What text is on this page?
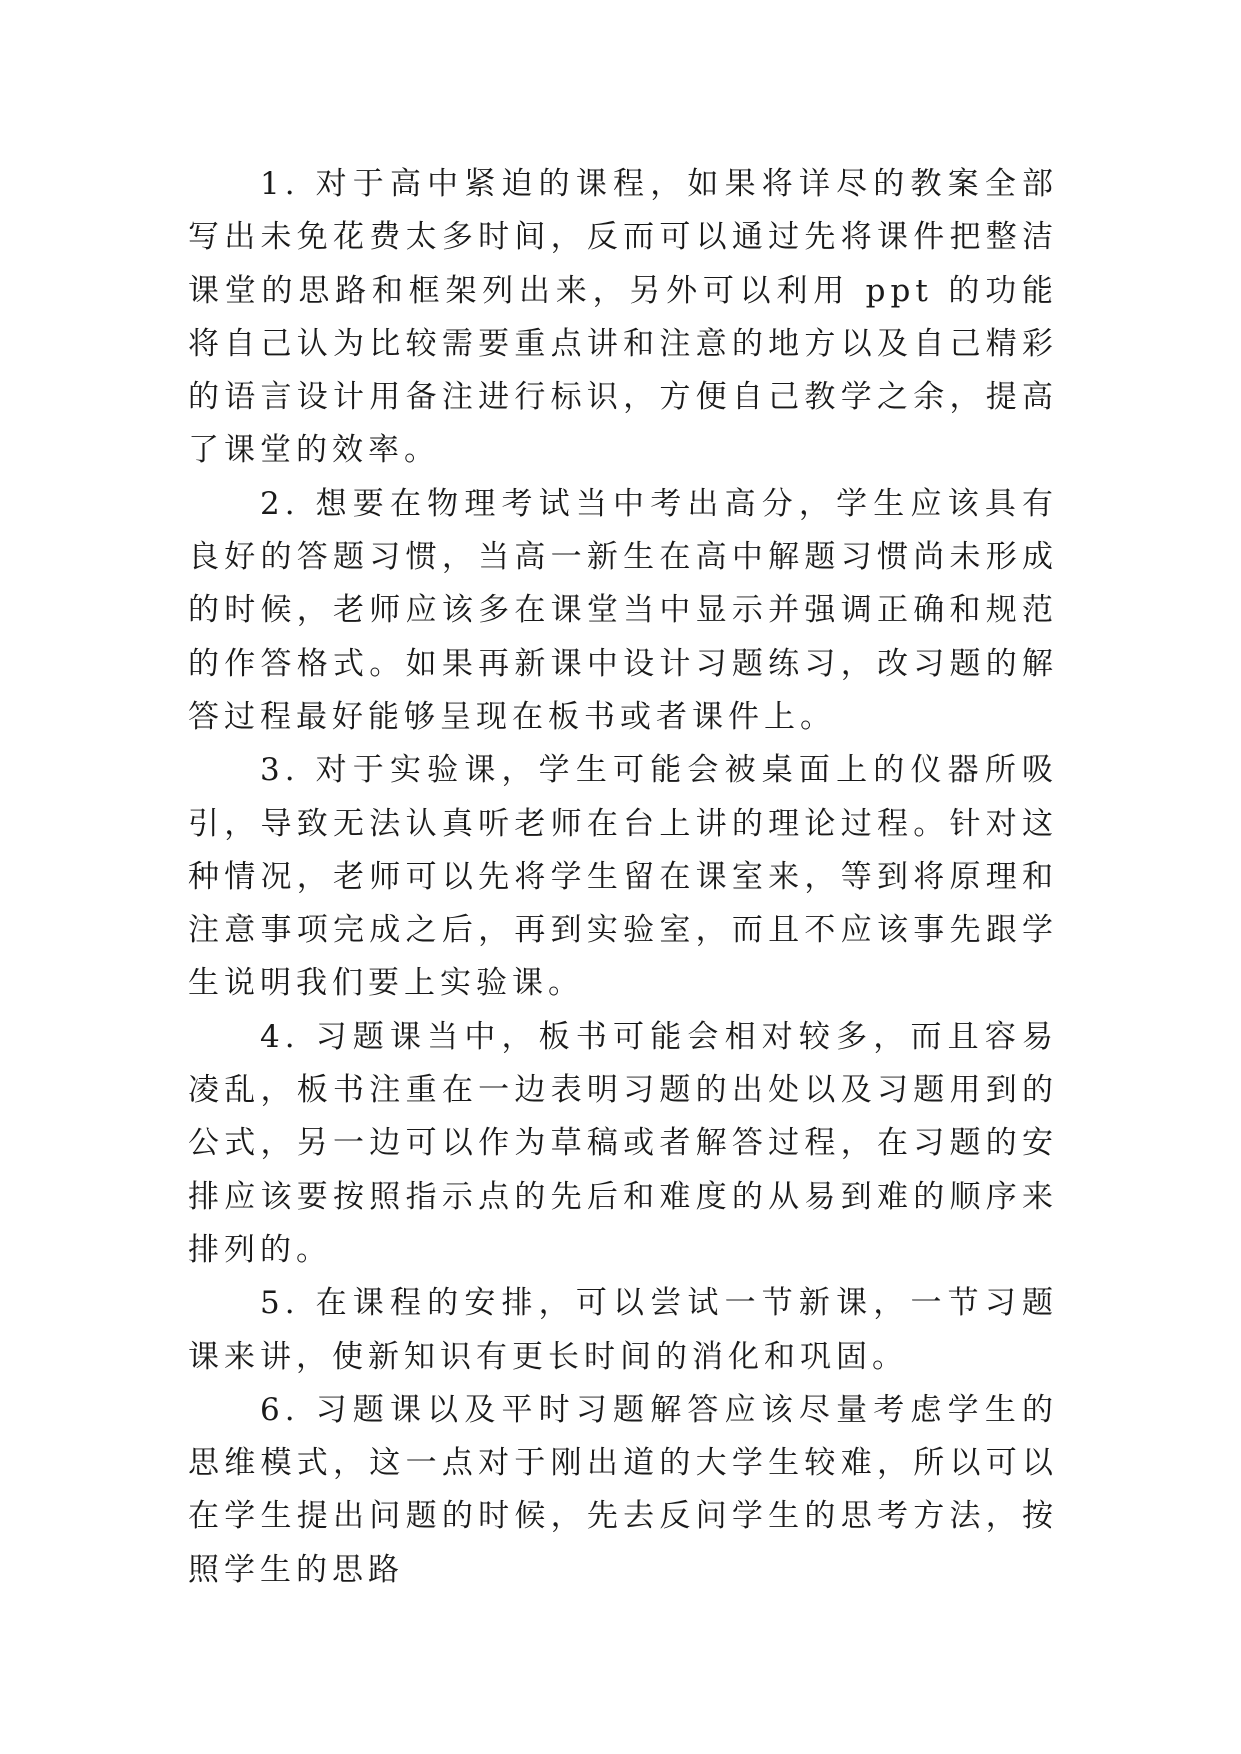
1. 对于高中紧迫的课程，如果将详尽的教案全部写出未免花费太多时间，反而可以通过先将课件把整洁课堂的思路和框架列出来，另外可以利用 ppt 的功能将自己认为比较需要重点讲和注意的地方以及自己精彩的语言设计用备注进行标识，方便自己教学之余，提高了课堂的效率。

2. 想要在物理考试当中考出高分，学生应该具有良好的答题习惯，当高一新生在高中解题习惯尚未形成的时候，老师应该多在课堂当中显示并强调正确和规范的作答格式。如果再新课中设计习题练习，改习题的解答过程最好能够呈现在板书或者课件上。

3. 对于实验课，学生可能会被桌面上的仪器所吸引，导致无法认真听老师在台上讲的理论过程。针对这种情况，老师可以先将学生留在课室来，等到将原理和注意事项完成之后，再到实验室，而且不应该事先跟学生说明我们要上实验课。

4. 习题课当中，板书可能会相对较多，而且容易凌乱，板书注重在一边表明习题的出处以及习题用到的公式，另一边可以作为草稿或者解答过程，在习题的安排应该要按照指示点的先后和难度的从易到难的顺序来排列的。

5. 在课程的安排，可以尝试一节新课，一节习题课来讲，使新知识有更长时间的消化和巩固。

6. 习题课以及平时习题解答应该尽量考虑学生的思维模式，这一点对于刚出道的大学生较难，所以可以在学生提出问题的时候，先去反问学生的思考方法，按照学生的思路
